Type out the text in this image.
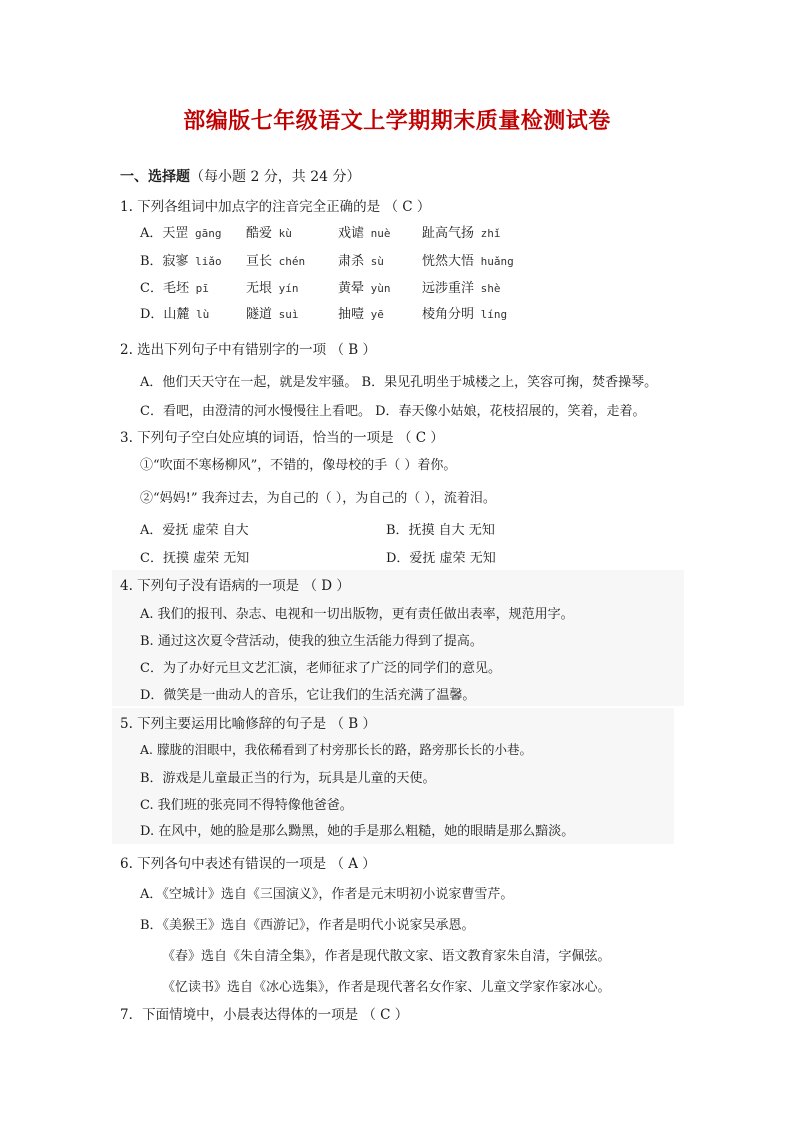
部编版七年级语文上学期期末质量检测试卷
一、选择题（每小题 2 分，共 24 分）
1. 下列各组词中加点字的注音完全正确的是 （ C ）
A．天罡 gāng 酷爱 kù	戏谑 nuè 趾高气扬 zhǐ
B．寂寥 liǎo 亘长 chén	肃杀 sù	恍然大悟 huǎng
C．毛坯 pī	无垠 yín	黄晕 yùn 远涉重洋 shè
D．山麓 lù	隧道 suì	抽噎 yē	棱角分明 líng
2. 选出下列句子中有错别字的一项 （ B ）
A．他们天天守在一起，就是发牢骚。 B．果见孔明坐于城楼之上，笑容可掬，焚香操琴。
C．看吧，由澄清的河水慢慢往上看吧。 D．春天像小姑娘，花枝招展的，笑着，走着。
3. 下列句子空白处应填的词语，恰当的一项是 （ C ）
①“吹面不寒杨柳风”，不错的，像母校的手（ ）着你。
②“妈妈!” 我奔过去，为自己的（ ），为自己的（ ），流着泪。
A．爱抚 虚荣 自大	B．抚摸 自大 无知
C．抚摸 虚荣 无知	D．爱抚 虚荣 无知
4. 下列句子没有语病的一项是 （ D ）
A. 我们的报刊、杂志、电视和一切出版物，更有责任做出表率，规范用字。
B. 通过这次夏令营活动，使我的独立生活能力得到了提高。
C．为了办好元旦文艺汇演，老师征求了广泛的同学们的意见。
D．微笑是一曲动人的音乐，它让我们的生活充满了温馨。
5. 下列主要运用比喻修辞的句子是 （ B ）
A. 朦胧的泪眼中，我依稀看到了村旁那长长的路，路旁那长长的小巷。
B．游戏是儿童最正当的行为，玩具是儿童的天使。
C. 我们班的张亮同不得特像他爸爸。
D. 在风中，她的脸是那么黝黑，她的手是那么粗糙，她的眼睛是那么黯淡。
6. 下列各句中表述有错误的一项是 （ A ）
A．《空城计》选自《三国演义》，作者是元末明初小说家曹雪芹。
B．《美猴王》选自《西游记》，作者是明代小说家吴承恩。
《春》选自《朱自清全集》，作者是现代散文家、语文教育家朱自清，字佩弦。
《忆读书》选自《冰心选集》，作者是现代著名女作家、儿童文学家作家冰心。
7．下面情境中，小晨表达得体的一项是 （ C ）
